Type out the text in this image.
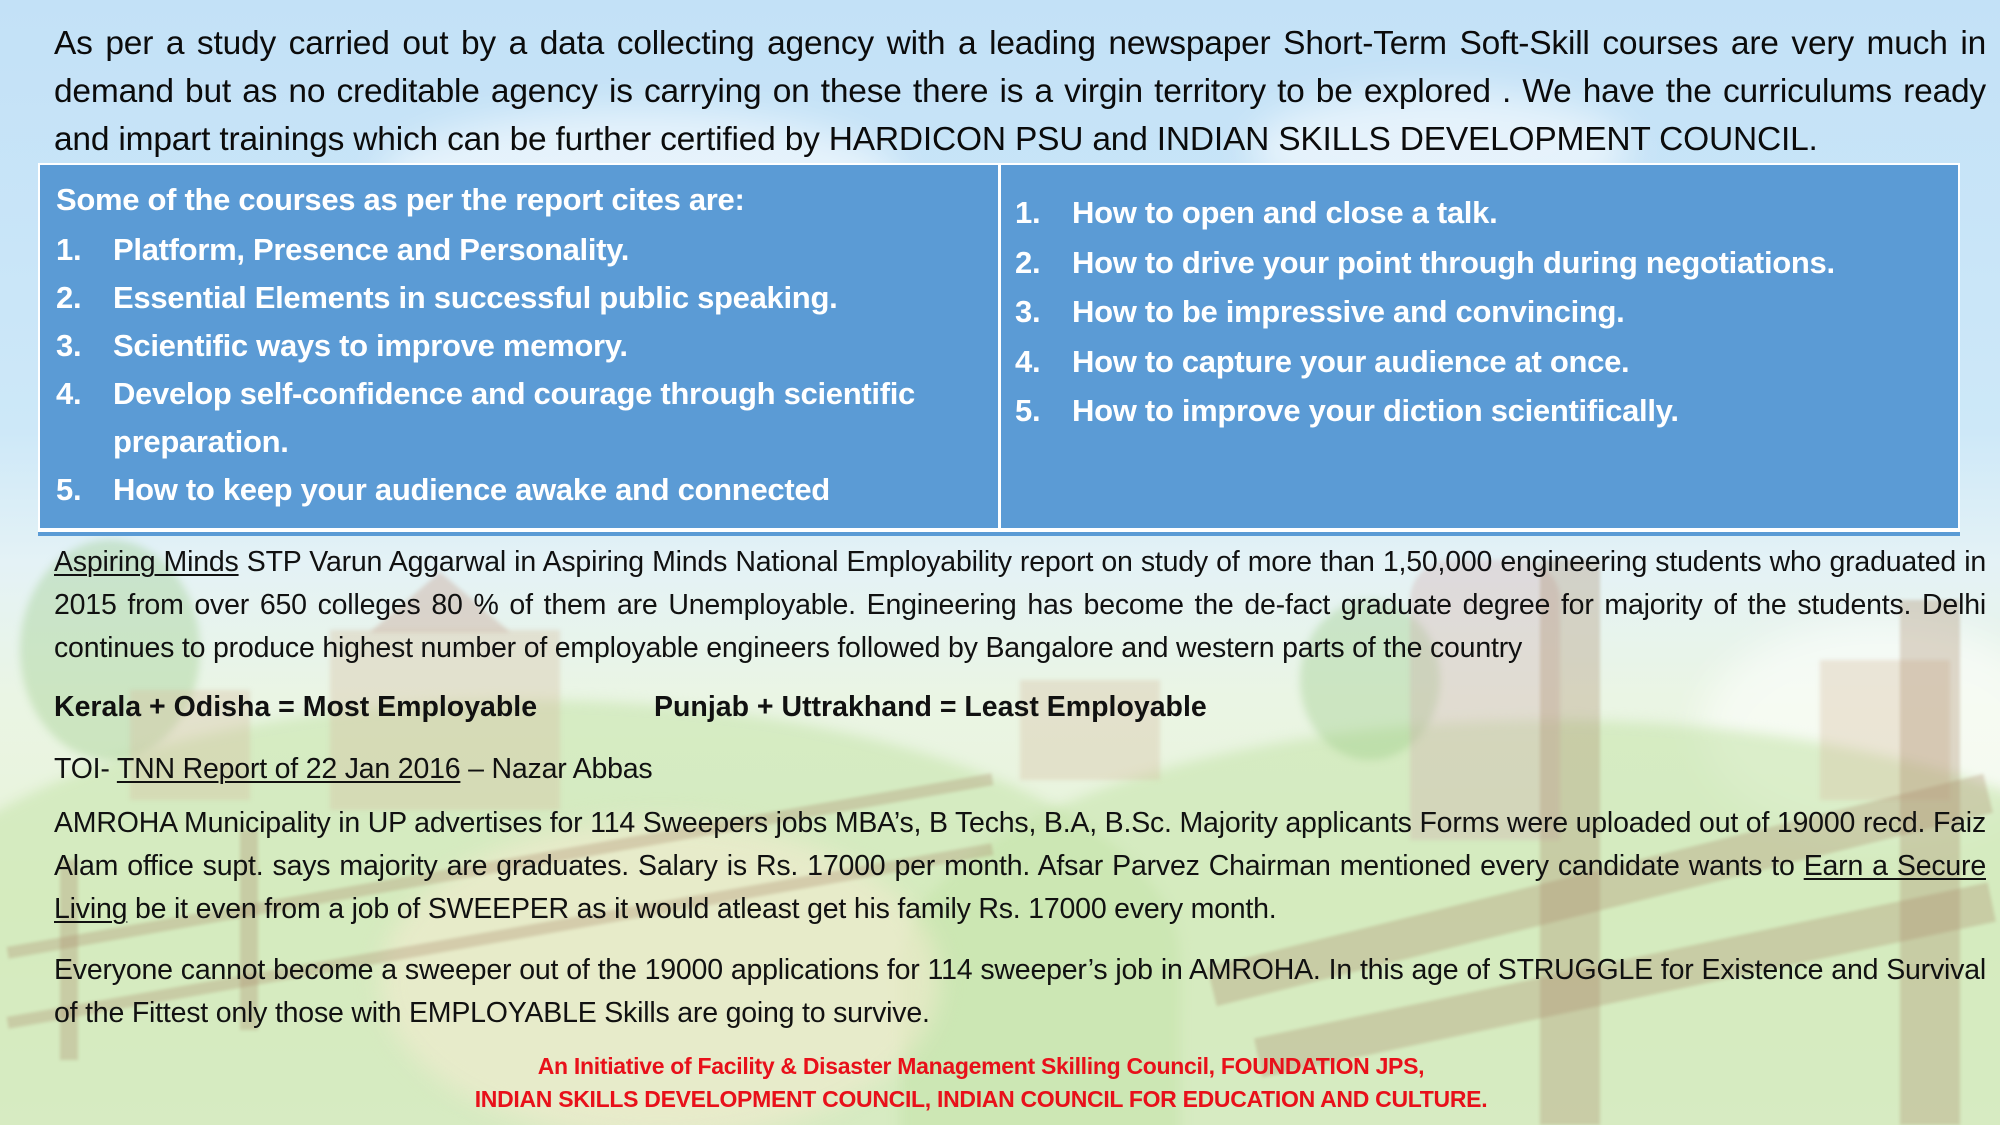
As per a study carried out by a data collecting agency with a leading newspaper Short-Term Soft-Skill courses are very much in demand but as no creditable agency is carrying on these there is a virgin territory to be explored . We have the curriculums ready and impart trainings which can be further certified by HARDICON PSU and INDIAN SKILLS DEVELOPMENT COUNCIL.

Some of the courses as per the report cites are:
1.	Platform, Presence and Personality.
2.	Essential Elements in successful public speaking.
3.	Scientific ways to improve memory.
4.	Develop self-confidence and courage through scientific preparation.
5.	How to keep your audience awake and connected
1.	How to open and close a talk.
2.	How to drive your point through during negotiations.
3.	How to be impressive and convincing.
4.	How to capture your audience at once.
5.	How to improve your diction scientifically.

Aspiring Minds STP Varun Aggarwal in Aspiring Minds National Employability report on study of more than 1,50,000 engineering students who graduated in 2015 from over 650 colleges 80 % of them are Unemployable. Engineering has become the de-fact graduate degree for majority of the students. Delhi continues to produce highest number of employable engineers followed by Bangalore and western parts of the country

Kerala + Odisha = Most Employable	Punjab + Uttrakhand = Least Employable

TOI- TNN Report of 22 Jan 2016 – Nazar Abbas

AMROHA Municipality in UP advertises for 114 Sweepers jobs MBA’s, B Techs, B.A, B.Sc. Majority applicants Forms were uploaded out of 19000 recd. Faiz Alam office supt. says majority are graduates. Salary is Rs. 17000 per month. Afsar Parvez Chairman mentioned every candidate wants to Earn a Secure Living be it even from a job of SWEEPER as it would atleast get his family Rs. 17000 every month.

Everyone cannot become a sweeper out of the 19000 applications for 114 sweeper’s job in AMROHA. In this age of STRUGGLE for Existence and Survival of the Fittest only those with EMPLOYABLE Skills are going to survive.

An Initiative of Facility & Disaster Management Skilling Council, FOUNDATION JPS,
INDIAN SKILLS DEVELOPMENT COUNCIL, INDIAN COUNCIL FOR EDUCATION AND CULTURE.
